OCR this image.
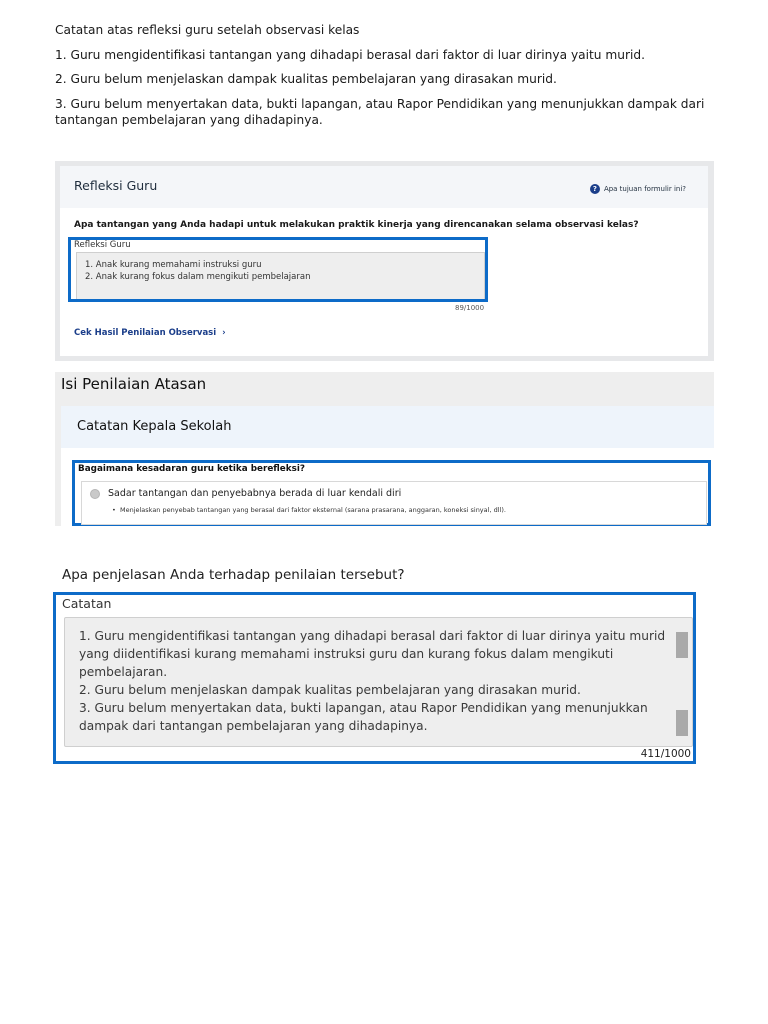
Catatan atas refleksi guru setelah observasi kelas

1. Guru mengidentifikasi tantangan yang dihadapi berasal dari faktor di luar dirinya yaitu murid.

2. Guru belum menjelaskan dampak kualitas pembelajaran yang dirasakan murid.

3. Guru belum menyertakan data, bukti lapangan, atau Rapor Pendidikan yang menunjukkan dampak dari tantangan pembelajaran yang dihadapinya.

Refleksi Guru	? Apa tujuan formulir ini?
Apa tantangan yang Anda hadapi untuk melakukan praktik kinerja yang direncanakan selama observasi kelas?
Refleksi Guru
1. Anak kurang memahami instruksi guru
2. Anak kurang fokus dalam mengikuti pembelajaran
89/1000
Cek Hasil Penilaian Observasi  ›
Isi Penilaian Atasan
Catatan Kepala Sekolah
Bagaimana kesadaran guru ketika berefleksi?
Sadar tantangan dan penyebabnya berada di luar kendali diri
•  Menjelaskan penyebab tantangan yang berasal dari faktor eksternal (sarana prasarana, anggaran, koneksi sinyal, dll).
Apa penjelasan Anda terhadap penilaian tersebut?
Catatan
1. Guru mengidentifikasi tantangan yang dihadapi berasal dari faktor di luar dirinya yaitu murid yang diidentifikasi kurang memahami instruksi guru dan kurang fokus dalam mengikuti pembelajaran.
2. Guru belum menjelaskan dampak kualitas pembelajaran yang dirasakan murid.
3. Guru belum menyertakan data, bukti lapangan, atau Rapor Pendidikan yang menunjukkan dampak dari tantangan pembelajaran yang dihadapinya.
411/1000
